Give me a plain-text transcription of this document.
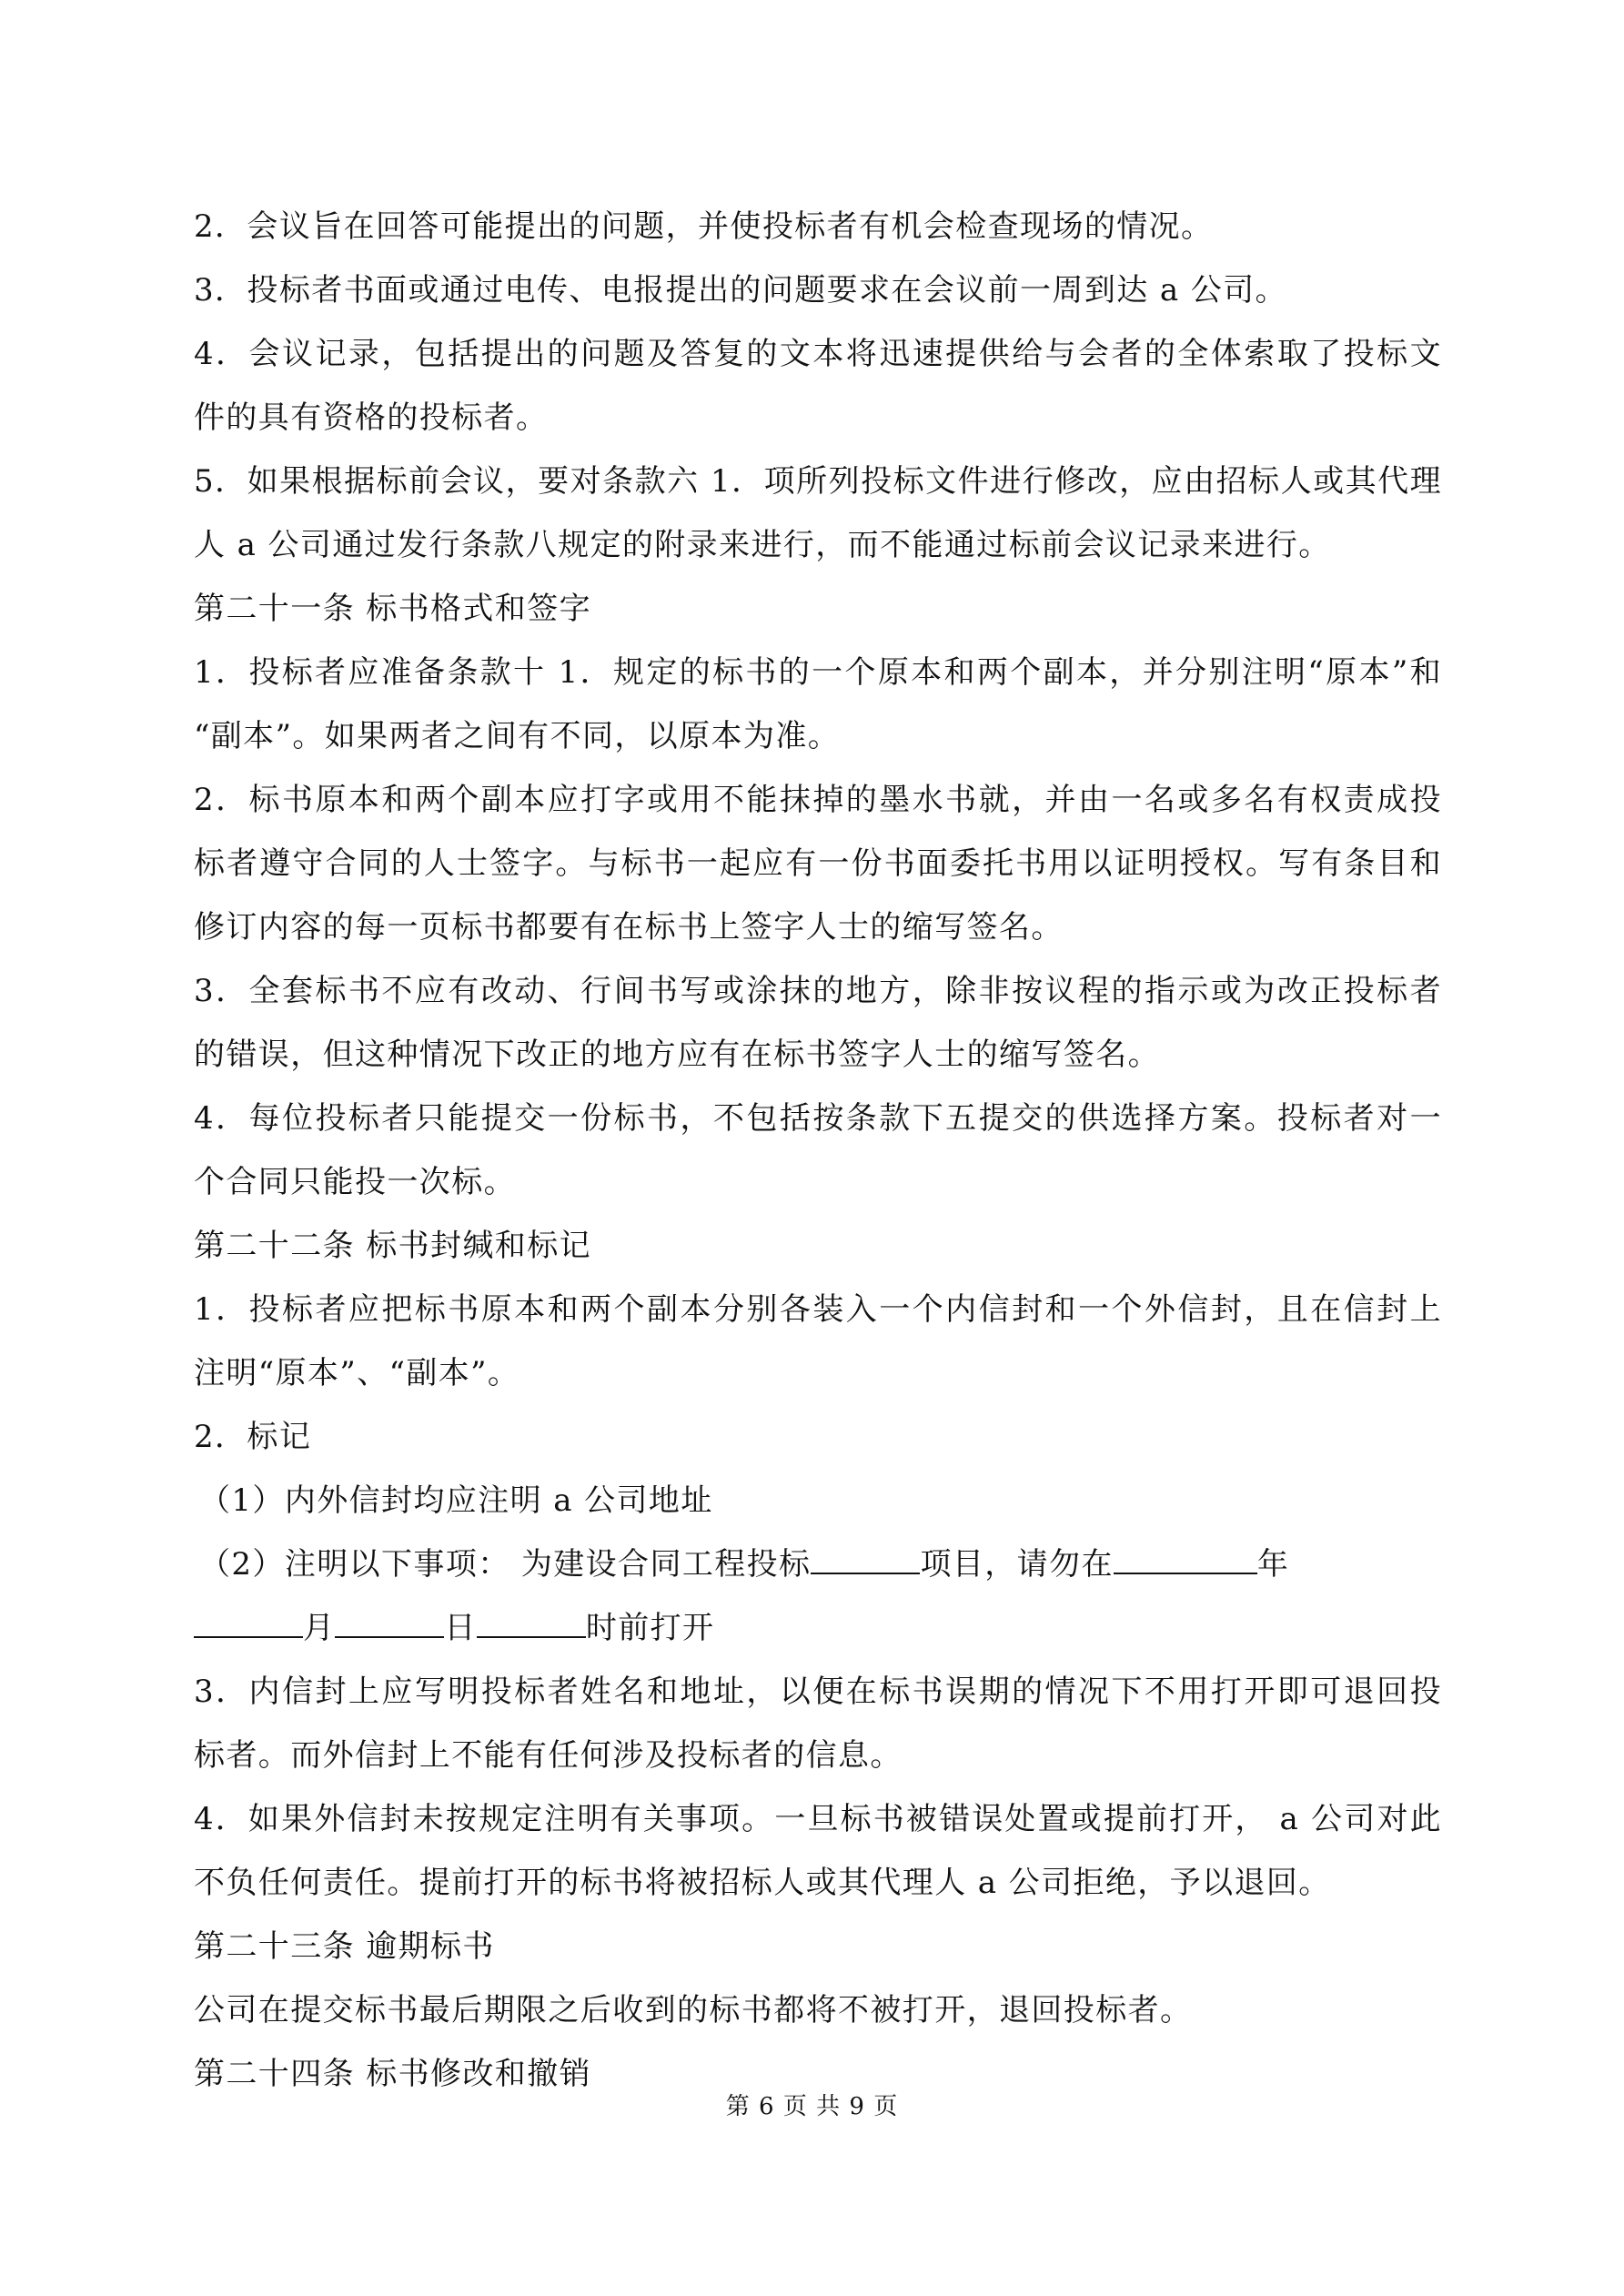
2．会议旨在回答可能提出的问题，并使投标者有机会检查现场的情况。
3．投标者书面或通过电传、电报提出的问题要求在会议前一周到达 a 公司。
4．会议记录，包括提出的问题及答复的文本将迅速提供给与会者的全体索取了投标文
件的具有资格的投标者。
5．如果根据标前会议，要对条款六 1．项所列投标文件进行修改，应由招标人或其代理
人 a 公司通过发行条款八规定的附录来进行，而不能通过标前会议记录来进行。
第二十一条 标书格式和签字
1．投标者应准备条款十 1．规定的标书的一个原本和两个副本，并分别注明“原本”和
“副本”。如果两者之间有不同，以原本为准。
2．标书原本和两个副本应打字或用不能抹掉的墨水书就，并由一名或多名有权责成投
标者遵守合同的人士签字。与标书一起应有一份书面委托书用以证明授权。写有条目和
修订内容的每一页标书都要有在标书上签字人士的缩写签名。
3．全套标书不应有改动、行间书写或涂抹的地方，除非按议程的指示或为改正投标者
的错误，但这种情况下改正的地方应有在标书签字人士的缩写签名。
4．每位投标者只能提交一份标书，不包括按条款下五提交的供选择方案。投标者对一
个合同只能投一次标。
第二十二条 标书封缄和标记
1．投标者应把标书原本和两个副本分别各装入一个内信封和一个外信封，且在信封上
注明“原本”、“副本”。
2．标记
（1）内外信封均应注明 a 公司地址
（2）注明以下事项： 为建设合同工程投标	项目，请勿在	年
月	日	时前打开
3．内信封上应写明投标者姓名和地址，以便在标书误期的情况下不用打开即可退回投
标者。而外信封上不能有任何涉及投标者的信息。
4．如果外信封未按规定注明有关事项。一旦标书被错误处置或提前打开， a 公司对此
不负任何责任。提前打开的标书将被招标人或其代理人 a 公司拒绝，予以退回。
第二十三条 逾期标书
公司在提交标书最后期限之后收到的标书都将不被打开，退回投标者。
第二十四条 标书修改和撤销
第 6 页 共 9 页
